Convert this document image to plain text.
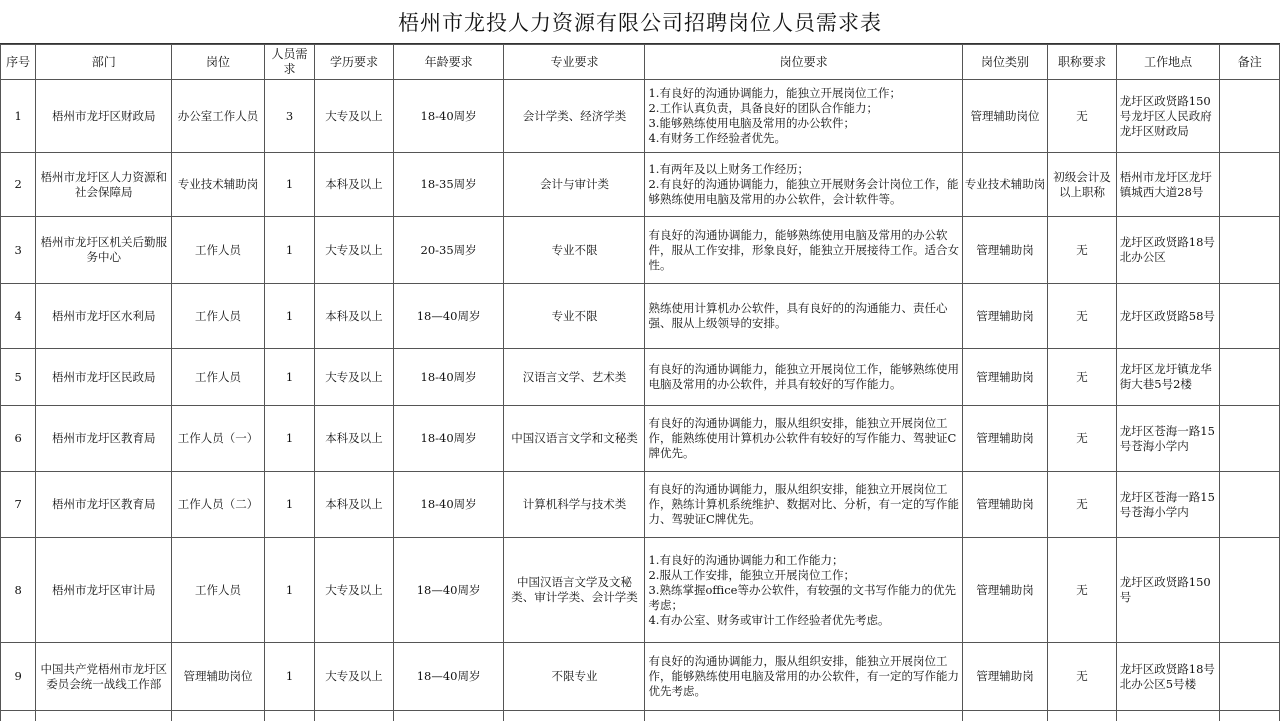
梧州市龙投人力资源有限公司招聘岗位人员需求表
序号	部门	岗位	人员需求	学历要求	年龄要求	专业要求	岗位要求	岗位类别	职称要求	工作地点	备注
1	梧州市龙圩区财政局	办公室工作人员	3	大专及以上	18-40周岁	会计学类、经济学类	1.有良好的沟通协调能力，能独立开展岗位工作；
2.工作认真负责，具备良好的团队合作能力；
3.能够熟练使用电脑及常用的办公软件；
4.有财务工作经验者优先。	管理辅助岗位	无	龙圩区政贤路150号龙圩区人民政府龙圩区财政局	
2	梧州市龙圩区人力资源和社会保障局	专业技术辅助岗	1	本科及以上	18-35周岁	会计与审计类	1.有两年及以上财务工作经历；
2.有良好的沟通协调能力，能独立开展财务会计岗位工作，能够熟练使用电脑及常用的办公软件，会计软件等。	专业技术辅助岗	初级会计及以上职称	梧州市龙圩区龙圩镇城西大道28号	
3	梧州市龙圩区机关后勤服务中心	工作人员	1	大专及以上	20-35周岁	专业不限	有良好的沟通协调能力，能够熟练使用电脑及常用的办公软件，服从工作安排，形象良好，能独立开展接待工作。适合女性。	管理辅助岗	无	龙圩区政贤路18号北办公区	
4	梧州市龙圩区水利局	工作人员	1	本科及以上	18—40周岁	专业不限	熟练使用计算机办公软件，具有良好的的沟通能力、责任心强、服从上级领导的安排。	管理辅助岗	无	龙圩区政贤路58号	
5	梧州市龙圩区民政局	工作人员	1	大专及以上	18-40周岁	汉语言文学、艺术类	有良好的沟通协调能力，能独立开展岗位工作，能够熟练使用电脑及常用的办公软件，并具有较好的写作能力。	管理辅助岗	无	龙圩区龙圩镇龙华街大巷5号2楼	
6	梧州市龙圩区教育局	工作人员（一）	1	本科及以上	18-40周岁	中国汉语言文学和文秘类	有良好的沟通协调能力，服从组织安排，能独立开展岗位工作，能熟练使用计算机办公软件有较好的写作能力、驾驶证C牌优先。	管理辅助岗	无	龙圩区苍海一路15号苍海小学内	
7	梧州市龙圩区教育局	工作人员（二）	1	本科及以上	18-40周岁	计算机科学与技术类	有良好的沟通协调能力，服从组织安排，能独立开展岗位工作，熟练计算机系统维护、数据对比、分析，有一定的写作能力、驾驶证C牌优先。	管理辅助岗	无	龙圩区苍海一路15号苍海小学内	
8	梧州市龙圩区审计局	工作人员	1	大专及以上	18—40周岁	中国汉语言文学及文秘类、审计学类、会计学类	1.有良好的沟通协调能力和工作能力；
2.服从工作安排，能独立开展岗位工作；
3.熟练掌握office等办公软件，有较强的文书写作能力的优先考虑；
4.有办公室、财务或审计工作经验者优先考虑。	管理辅助岗	无	龙圩区政贤路150号	
9	中国共产党梧州市龙圩区委员会统一战线工作部	管理辅助岗位	1	大专及以上	18—40周岁	不限专业	有良好的沟通协调能力，服从组织安排，能独立开展岗位工作，能够熟练使用电脑及常用的办公软件，有一定的写作能力优先考虑。	管理辅助岗	无	龙圩区政贤路18号北办公区5号楼	
